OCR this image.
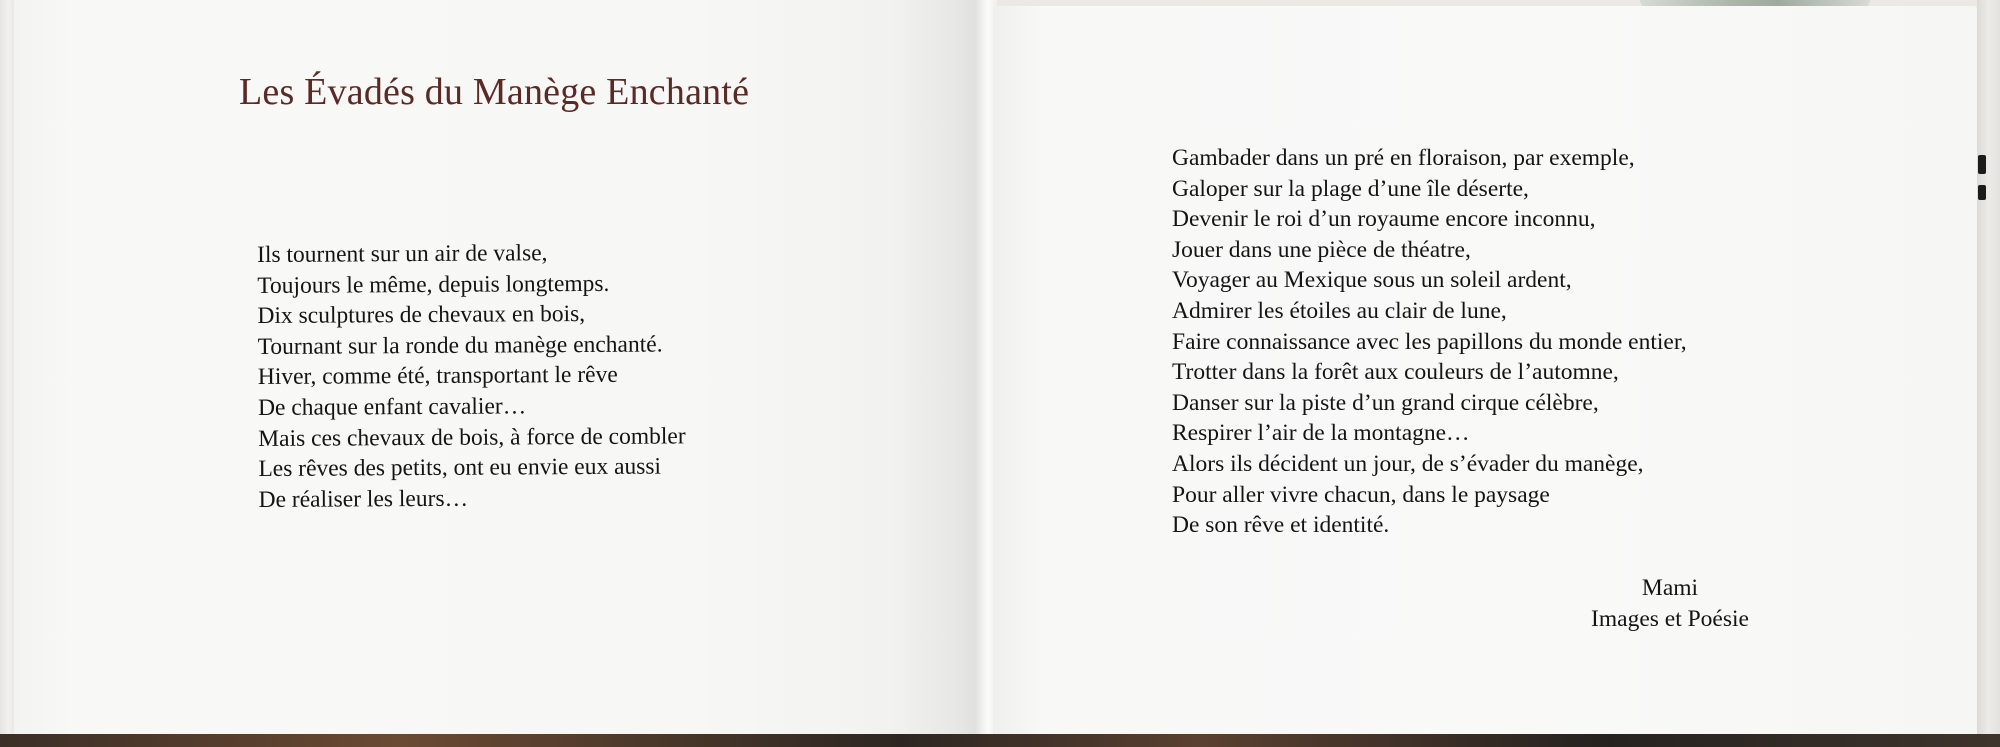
Les Évadés du Manège Enchanté
Ils tournent sur un air de valse,
Toujours le même, depuis longtemps.
Dix sculptures de chevaux en bois,
Tournant sur la ronde du manège enchanté.
Hiver, comme été, transportant le rêve
De chaque enfant cavalier…
Mais ces chevaux de bois, à force de combler
Les rêves des petits, ont eu envie eux aussi
De réaliser les leurs…
Gambader dans un pré en floraison, par exemple,
Galoper sur la plage d’une île déserte,
Devenir le roi d’un royaume encore inconnu,
Jouer dans une pièce de théatre,
Voyager au Mexique sous un soleil ardent,
Admirer les étoiles au clair de lune,
Faire connaissance avec les papillons du monde entier,
Trotter dans la forêt aux couleurs de l’automne,
Danser sur la piste d’un grand cirque célèbre,
Respirer l’air de la montagne…
Alors ils décident un jour, de s’évader du manège,
Pour aller vivre chacun, dans le paysage
De son rêve et identité.
Mami
Images et Poésie
